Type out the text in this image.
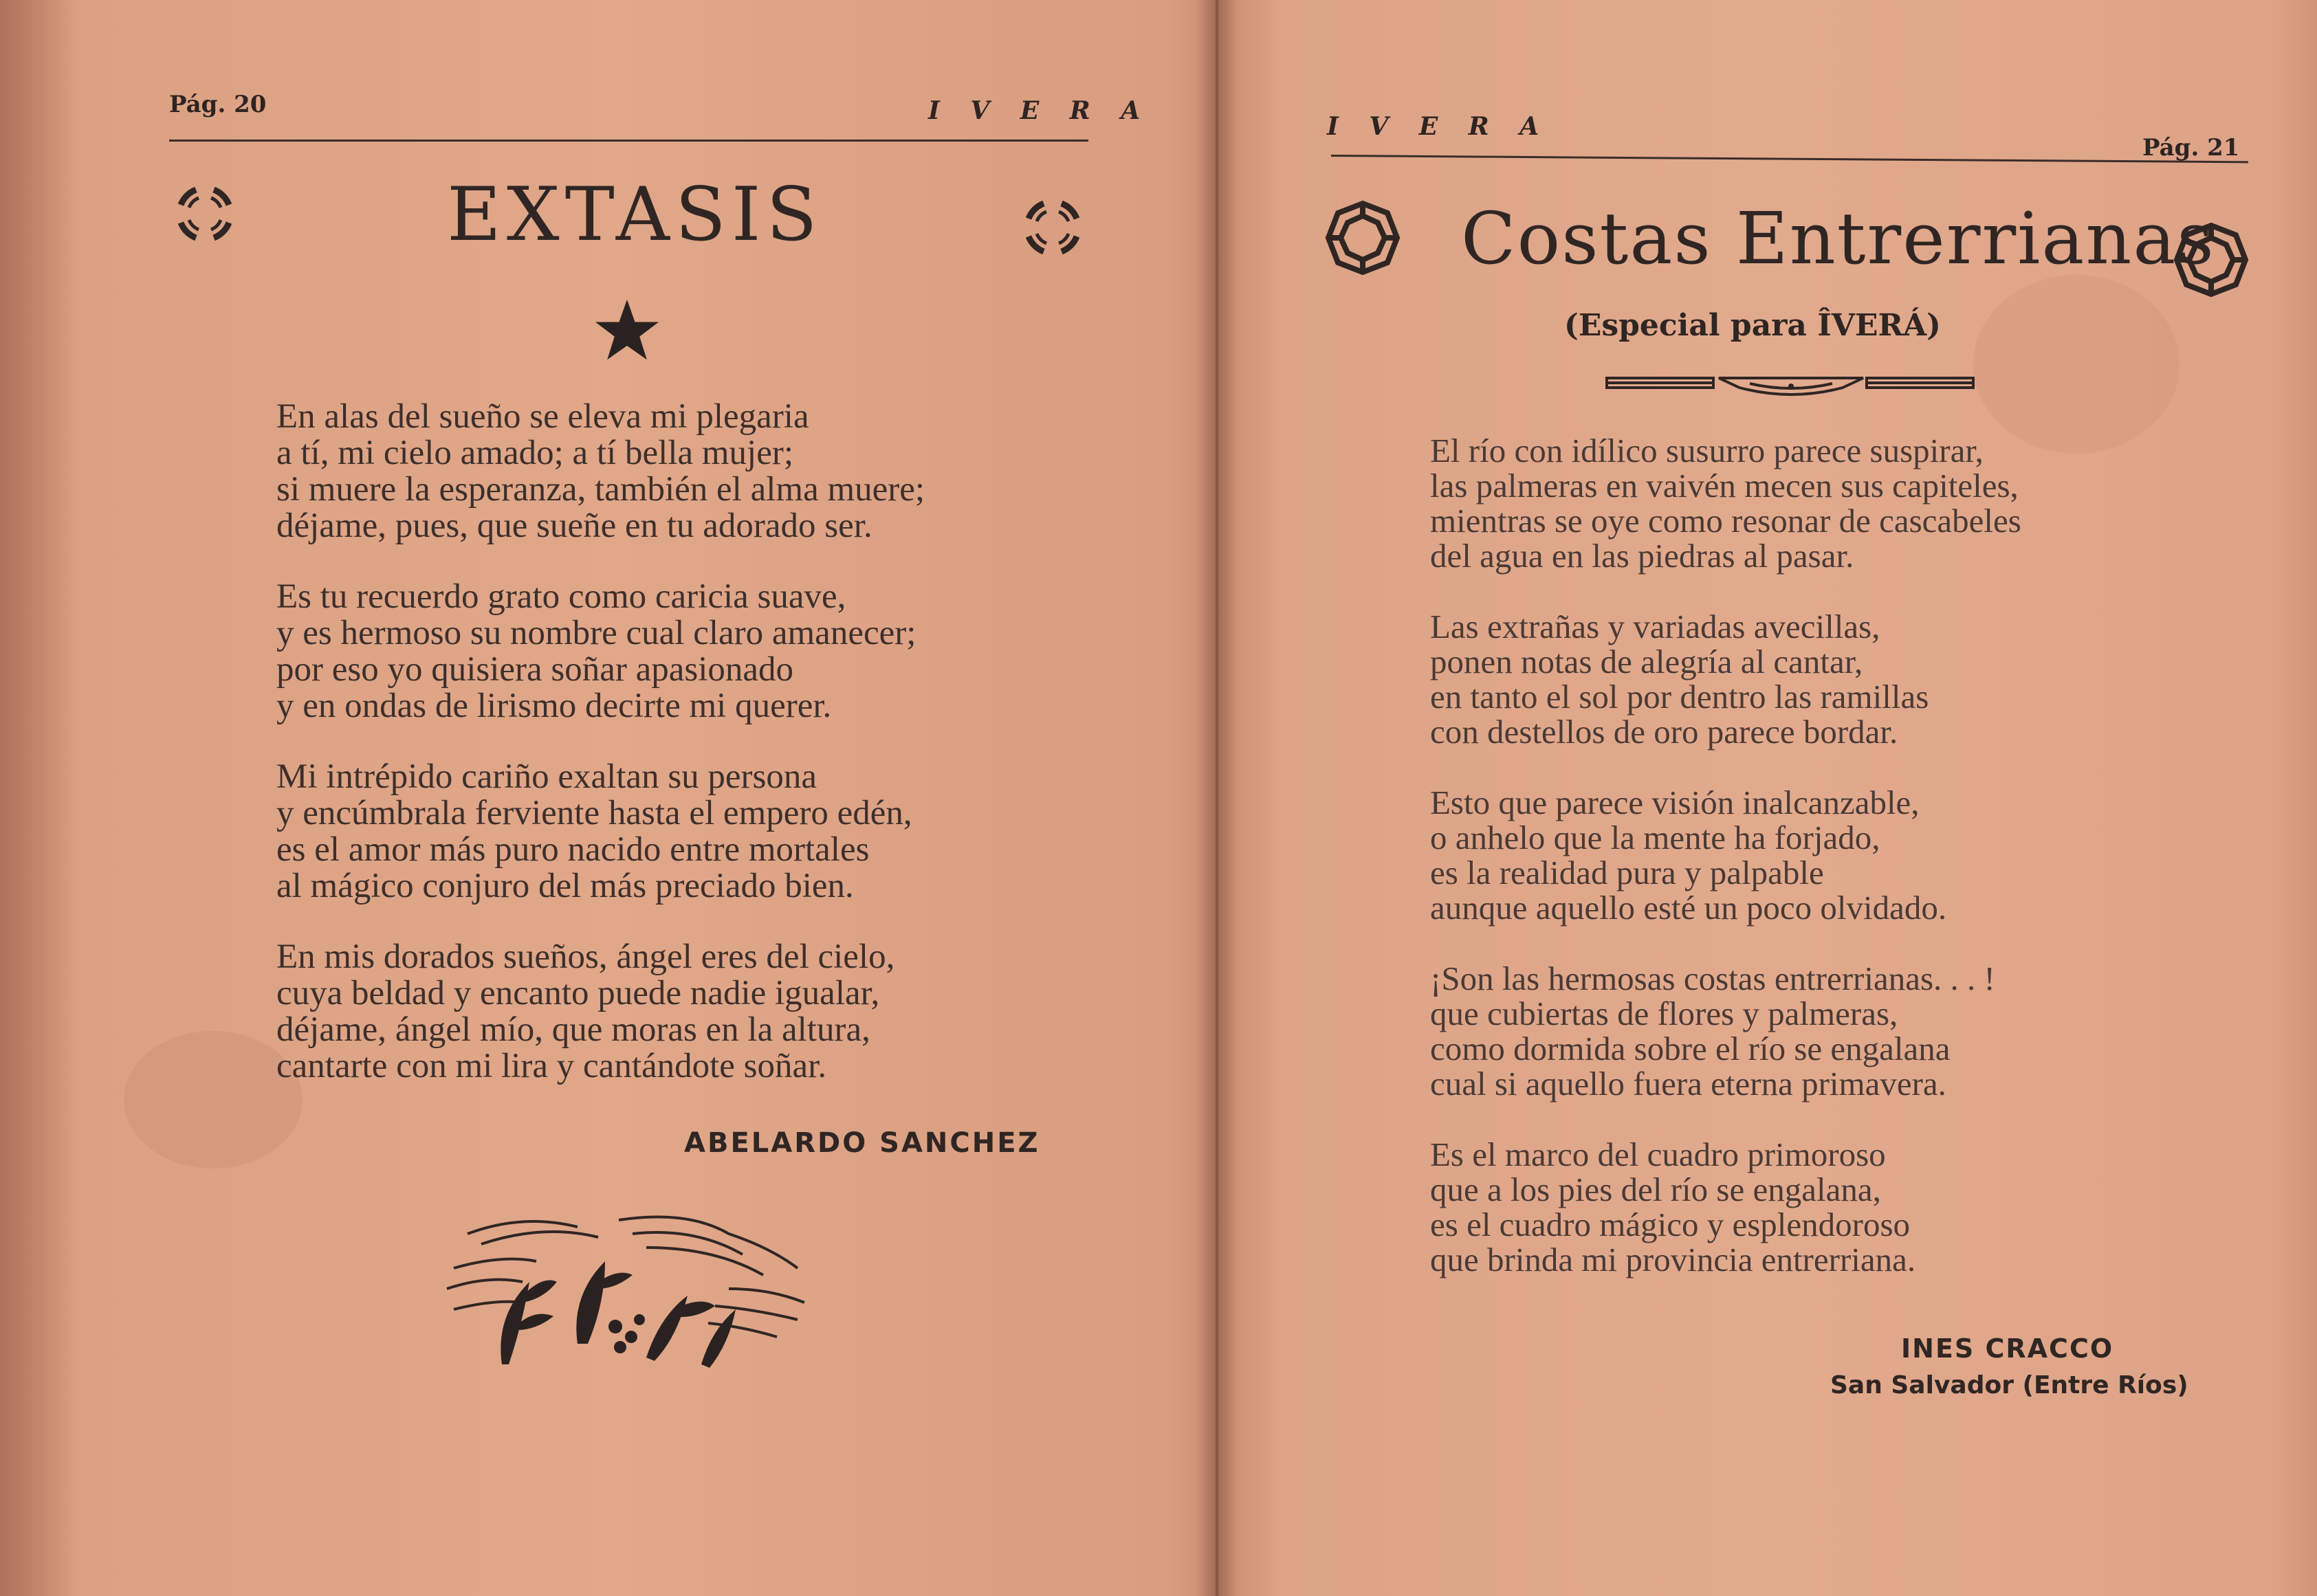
Pág. 20	I V E R A
EXTASIS
En alas del sueño se eleva mi plegaria
a tí, mi cielo amado; a tí bella mujer;
si muere la esperanza, también el alma muere;
déjame, pues, que sueñe en tu adorado ser.
Es tu recuerdo grato como caricia suave,
y es hermoso su nombre cual claro amanecer;
por eso yo quisiera soñar apasionado
y en ondas de lirismo decirte mi querer.
Mi intrépido cariño exaltan su persona
y encúmbrala ferviente hasta el empero edén,
es el amor más puro nacido entre mortales
al mágico conjuro del más preciado bien.
En mis dorados sueños, ángel eres del cielo,
cuya beldad y encanto puede nadie igualar,
déjame, ángel mío, que moras en la altura,
cantarte con mi lira y cantándote soñar.
ABELARDO SANCHEZ
I V E R A
Pág. 21
Costas Entrerrianas
(Especial para ÎVERÁ)
El río con idílico susurro parece suspirar,
las palmeras en vaivén mecen sus capiteles,
mientras se oye como resonar de cascabeles
del agua en las piedras al pasar.
Las extrañas y variadas avecillas,
ponen notas de alegría al cantar,
en tanto el sol por dentro las ramillas
con destellos de oro parece bordar.
Esto que parece visión inalcanzable,
o anhelo que la mente ha forjado,
es la realidad pura y palpable
aunque aquello esté un poco olvidado.
¡Son las hermosas costas entrerrianas. . . !
que cubiertas de flores y palmeras,
como dormida sobre el río se engalana
cual si aquello fuera eterna primavera.
Es el marco del cuadro primoroso
que a los pies del río se engalana,
es el cuadro mágico y esplendoroso
que brinda mi provincia entrerriana.
INES CRACCO
San Salvador (Entre Ríos)
